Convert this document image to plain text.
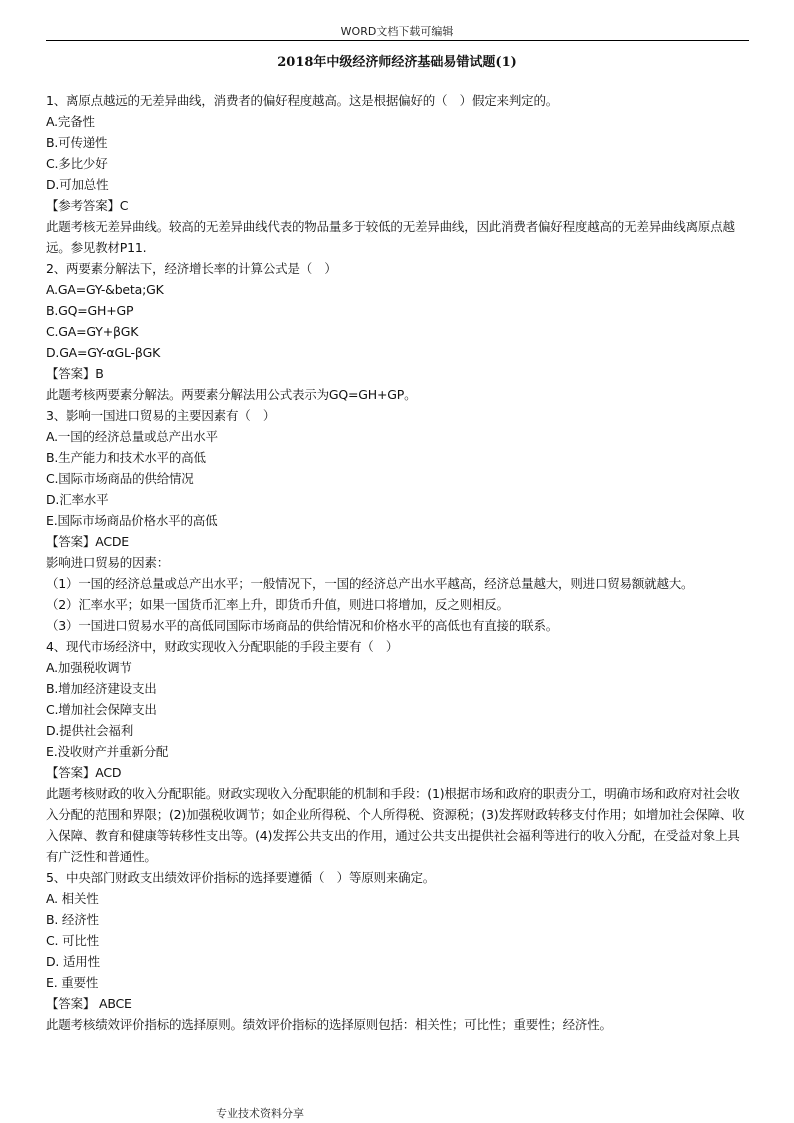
WORD文档下载可编辑
2018年中级经济师经济基础易错试题(1)

1、离原点越远的无差异曲线，消费者的偏好程度越高。这是根据偏好的（　）假定来判定的。

A.完备性

B.可传递性

C.多比少好

D.可加总性

【参考答案】C

此题考核无差异曲线。较高的无差异曲线代表的物品量多于较低的无差异曲线，因此消费者偏好程度越高的无差异曲线离原点越远。参见教材P11.

2、两要素分解法下，经济增长率的计算公式是（　）

A.GA=GY-&beta;GK

B.GQ=GH+GP

C.GA=GY+βGK

D.GA=GY-αGL-βGK

【答案】B

此题考核两要素分解法。两要素分解法用公式表示为GQ=GH+GP。

3、影响一国进口贸易的主要因素有（　）

A.一国的经济总量或总产出水平

B.生产能力和技术水平的高低

C.国际市场商品的供给情况

D.汇率水平

E.国际市场商品价格水平的高低

【答案】ACDE

影响进口贸易的因素：

（1）一国的经济总量或总产出水平；一般情况下，一国的经济总产出水平越高，经济总量越大，则进口贸易额就越大。

（2）汇率水平；如果一国货币汇率上升，即货币升值，则进口将增加，反之则相反。

（3）一国进口贸易水平的高低同国际市场商品的供给情况和价格水平的高低也有直接的联系。

4、现代市场经济中，财政实现收入分配职能的手段主要有（　）

A.加强税收调节

B.增加经济建设支出

C.增加社会保障支出

D.提供社会福利

E.没收财产并重新分配

【答案】ACD

此题考核财政的收入分配职能。财政实现收入分配职能的机制和手段：(1)根据市场和政府的职责分工，明确市场和政府对社会收入分配的范围和界限；(2)加强税收调节；如企业所得税、个人所得税、资源税；(3)发挥财政转移支付作用；如增加社会保障、收入保障、教育和健康等转移性支出等。(4)发挥公共支出的作用，通过公共支出提供社会福利等进行的收入分配，在受益对象上具有广泛性和普通性。

5、中央部门财政支出绩效评价指标的选择要遵循（　）等原则来确定。

A. 相关性

B. 经济性

C. 可比性

D. 适用性

E. 重要性

【答案】 ABCE

此题考核绩效评价指标的选择原则。绩效评价指标的选择原则包括：相关性；可比性；重要性；经济性。

专业技术资料分享
